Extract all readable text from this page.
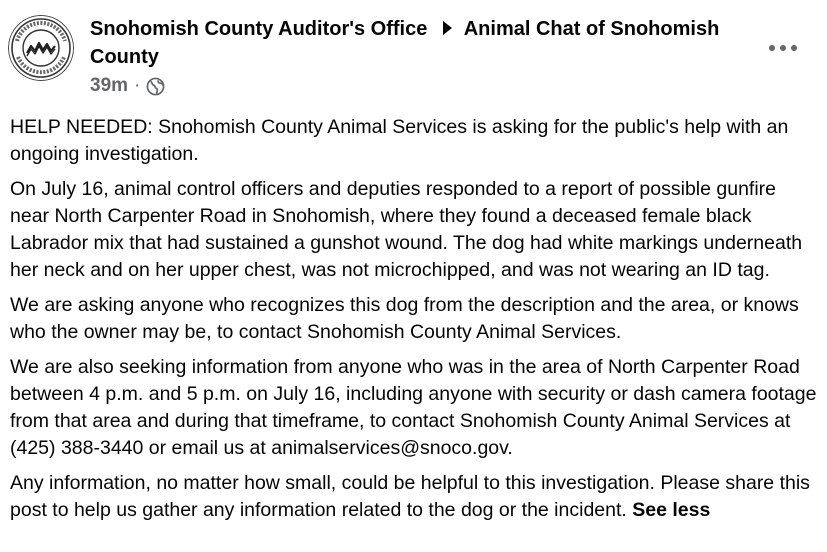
Snohomish County Auditor's Office Animal Chat of Snohomish County
39m ·

HELP NEEDED: Snohomish County Animal Services is asking for the public's help with an ongoing investigation.

On July 16, animal control officers and deputies responded to a report of possible gunfire near North Carpenter Road in Snohomish, where they found a deceased female black Labrador mix that had sustained a gunshot wound. The dog had white markings underneath her neck and on her upper chest, was not microchipped, and was not wearing an ID tag.

We are asking anyone who recognizes this dog from the description and the area, or knows who the owner may be, to contact Snohomish County Animal Services.

We are also seeking information from anyone who was in the area of North Carpenter Road between 4 p.m. and 5 p.m. on July 16, including anyone with security or dash camera footage from that area and during that timeframe, to contact Snohomish County Animal Services at (425) 388-3440 or email us at animalservices@snoco.gov.

Any information, no matter how small, could be helpful to this investigation. Please share this post to help us gather any information related to the dog or the incident. See less
